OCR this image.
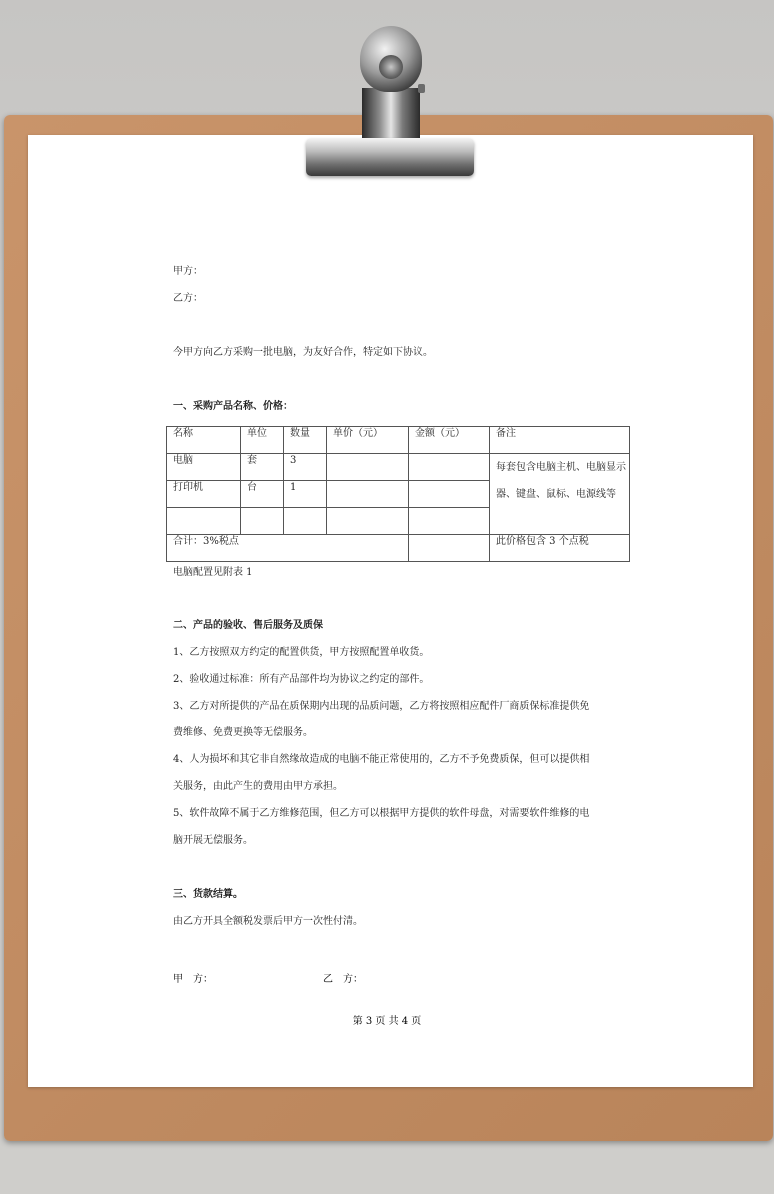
甲方：
乙方：
今甲方向乙方采购一批电脑，为友好合作，特定如下协议。
一、采购产品名称、价格：
电脑配置见附表 1
二、产品的验收、售后服务及质保
1、乙方按照双方约定的配置供货，甲方按照配置单收货。
2、验收通过标准：所有产品部件均为协议之约定的部件。
3、乙方对所提供的产品在质保期内出现的品质问题，乙方将按照相应配件厂商质保标准提供免
费维修、免费更换等无偿服务。
4、人为损坏和其它非自然缘故造成的电脑不能正常使用的，乙方不予免费质保，但可以提供相
关服务，由此产生的费用由甲方承担。
5、软件故障不属于乙方维修范围，但乙方可以根据甲方提供的软件母盘，对需要软件维修的电
脑开展无偿服务。
三、货款结算。
由乙方开具全额税发票后甲方一次性付清。
名称	单位	数量	单价（元）	金额（元）	备注
电脑	套	3			每套包含电脑主机、电脑显示器、键盘、鼠标、电源线等
打印机	台	1			

合计：3%税点					此价格包含 3 个点税
甲　方：	乙　方：
第 3 页 共 4 页
